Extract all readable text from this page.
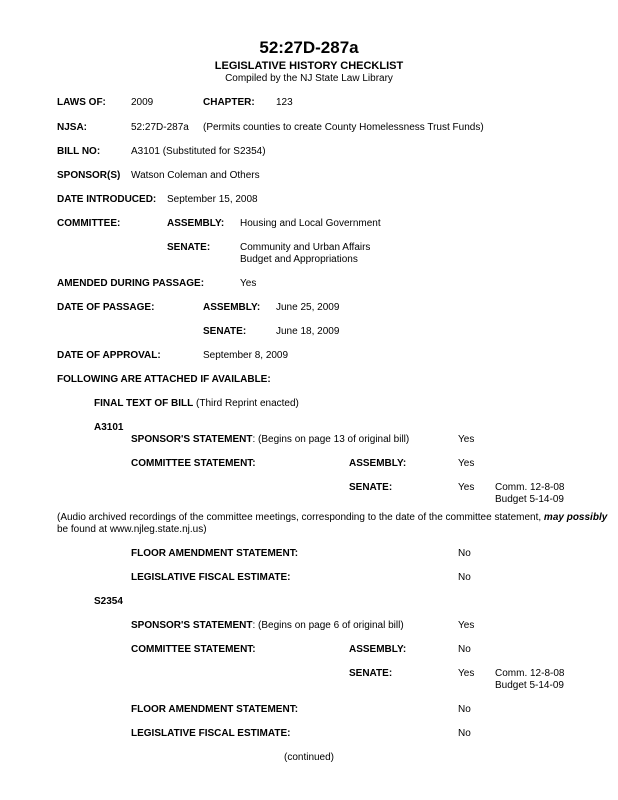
52:27D-287a
LEGISLATIVE HISTORY CHECKLIST
Compiled by the NJ State Law Library
LAWS OF:	2009	CHAPTER: 123
NJSA:	52:27D-287a (Permits counties to create County Homelessness Trust Funds)
BILL NO:	A3101 (Substituted for S2354)
SPONSOR(S) Watson Coleman and Others
DATE INTRODUCED: September 15, 2008
COMMITTEE:	ASSEMBLY: Housing and Local Government
SENATE:	Community and Urban Affairs
Budget and Appropriations
AMENDED DURING PASSAGE:	Yes
DATE OF PASSAGE:	ASSEMBLY: June 25, 2009
SENATE:	June 18, 2009
DATE OF APPROVAL:	September 8, 2009
FOLLOWING ARE ATTACHED IF AVAILABLE:
FINAL TEXT OF BILL (Third Reprint enacted)
A3101
SPONSOR'S STATEMENT: (Begins on page 13 of original bill)	Yes
COMMITTEE STATEMENT:	ASSEMBLY:	Yes
SENATE:	Yes Comm. 12-8-08
Budget 5-14-09
(Audio archived recordings of the committee meetings, corresponding to the date of the committee statement, may possibly
be found at www.njleg.state.nj.us)
FLOOR AMENDMENT STATEMENT:	No
LEGISLATIVE FISCAL ESTIMATE:	No
S2354
SPONSOR'S STATEMENT: (Begins on page 6 of original bill)	Yes
COMMITTEE STATEMENT:	ASSEMBLY:	No
SENATE:	Yes Comm. 12-8-08
Budget 5-14-09
FLOOR AMENDMENT STATEMENT:	No
LEGISLATIVE FISCAL ESTIMATE:	No
(continued)
